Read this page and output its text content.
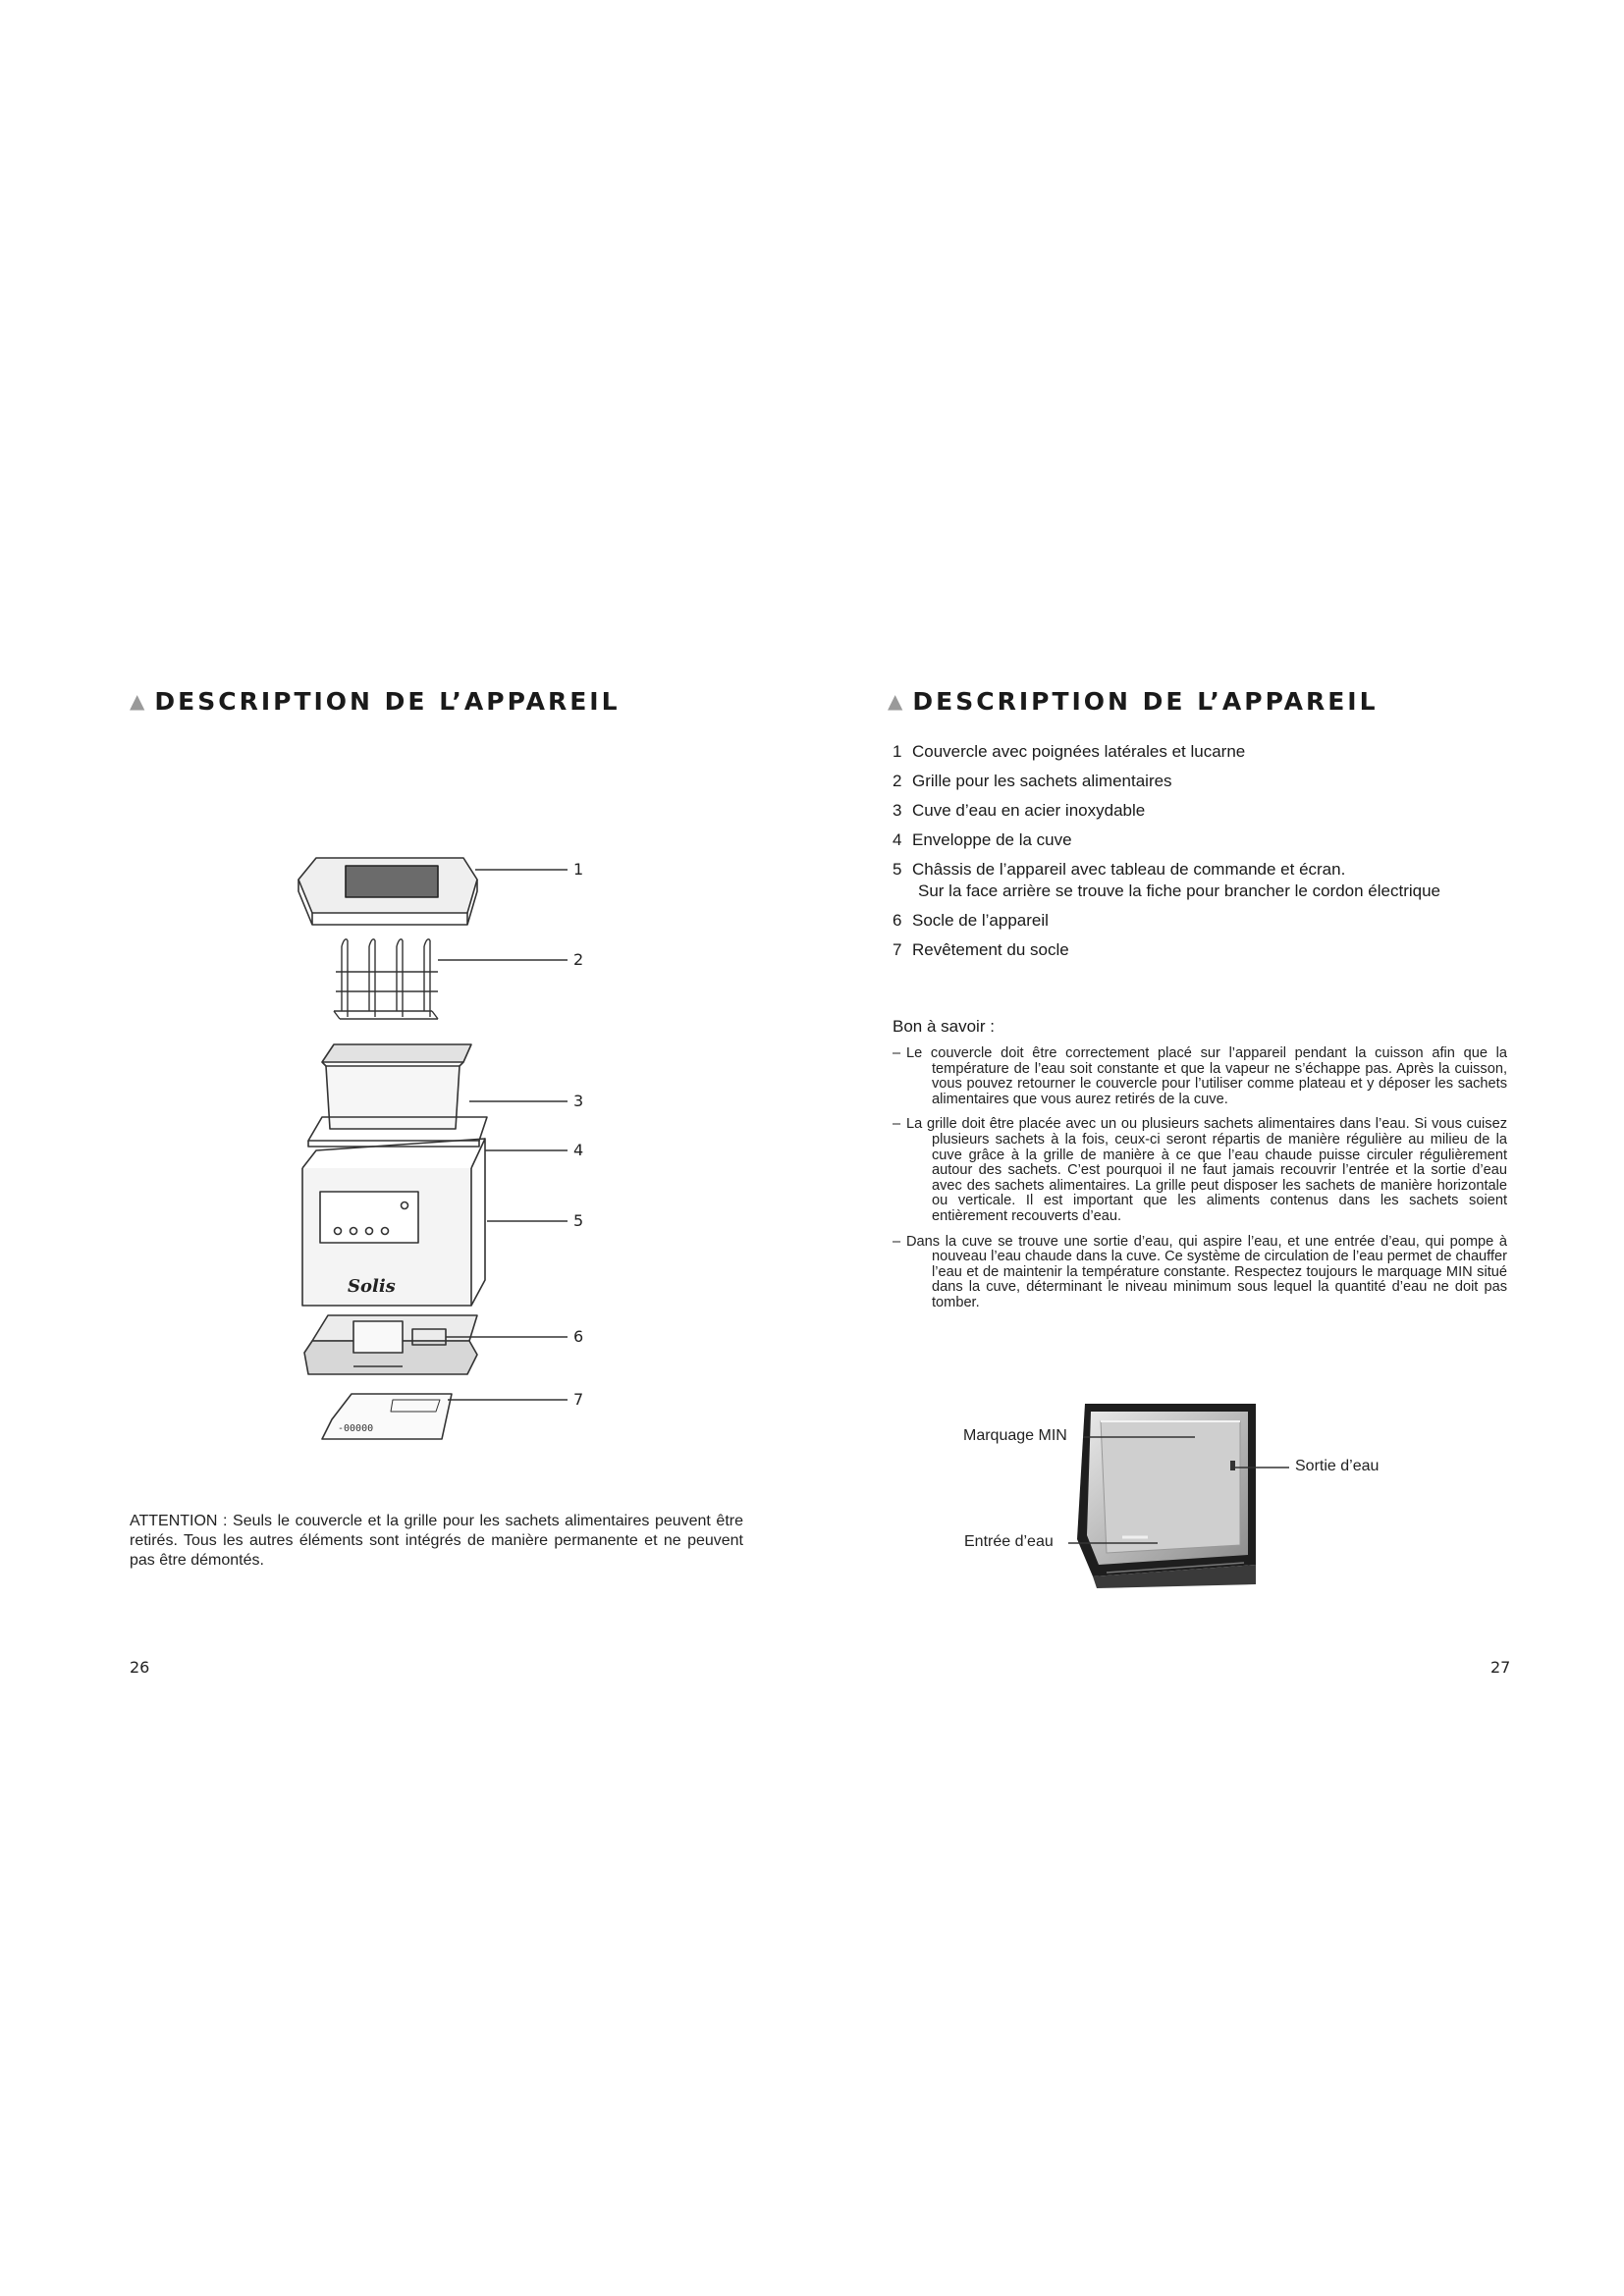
▲ DESCRIPTION DE L’APPAREIL
Solis
-00000
1
2
3
4
5
6
7

ATTENTION : Seuls le couvercle et la grille pour les sachets alimentaires peuvent être retirés. Tous les autres éléments sont intégrés de manière permanente et ne peuvent pas être démontés.

26
▲ DESCRIPTION DE L’APPAREIL
1 Couvercle avec poignées latérales et lucarne
2 Grille pour les sachets alimentaires
3 Cuve d’eau en acier inoxydable
4 Enveloppe de la cuve
5 Châssis de l’appareil avec tableau de commande et écran.
Sur la face arrière se trouve la fiche pour brancher le cordon électrique
6 Socle de l’appareil
7 Revêtement du socle
Bon à savoir :
– Le couvercle doit être correctement placé sur l’appareil pendant la cuisson afin que la température de l’eau soit constante et que la vapeur ne s’échappe pas. Après la cuisson, vous pouvez retourner le couvercle pour l’utiliser comme plateau et y déposer les sachets alimentaires que vous aurez retirés de la cuve.
– La grille doit être placée avec un ou plusieurs sachets alimentaires dans l’eau. Si vous cuisez plusieurs sachets à la fois, ceux-ci seront répartis de manière régulière au milieu de la cuve grâce à la grille de manière à ce que l’eau chaude puisse circuler régulièrement autour des sachets. C’est pourquoi il ne faut jamais recouvrir l’entrée et la sortie d’eau avec des sachets alimentaires. La grille peut disposer les sachets de manière horizontale ou verticale. Il est important que les aliments contenus dans les sachets soient entièrement recouverts d’eau.
– Dans la cuve se trouve une sortie d’eau, qui aspire l’eau, et une entrée d’eau, qui pompe à nouveau l’eau chaude dans la cuve. Ce système de circulation de l’eau permet de chauffer l’eau et de maintenir la température constante. Respectez toujours le marquage MIN situé dans la cuve, déterminant le niveau minimum sous lequel la quantité d’eau ne doit pas tomber.
Marquage MIN
Sortie d’eau
Entrée d’eau
27
